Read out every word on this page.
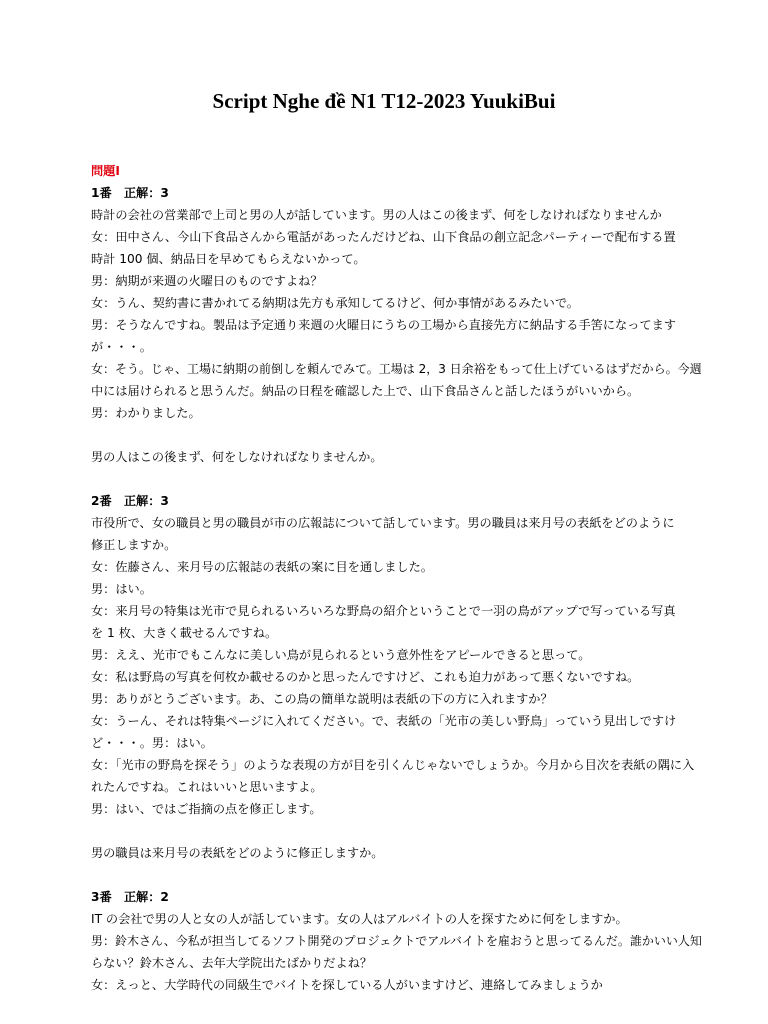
Script Nghe đề N1 T12-2023 YuukiBui

問題Ⅰ

1番　正解：3

時計の会社の営業部で上司と男の人が話しています。男の人はこの後まず、何をしなければなりませんか

女：田中さん、今山下食品さんから電話があったんだけどね、山下食品の創立記念パーティーで配布する置

時計 100 個、納品日を早めてもらえないかって。

男：納期が来週の火曜日のものですよね？

女：うん、契約書に書かれてる納期は先方も承知してるけど、何か事情があるみたいで。

男：そうなんですね。製品は予定通り来週の火曜日にうちの工場から直接先方に納品する手筈になってます

が・・・。

女：そう。じゃ、工場に納期の前倒しを頼んでみて。工場は 2，3 日余裕をもって仕上げているはずだから。今週

中には届けられると思うんだ。納品の日程を確認した上で、山下食品さんと話したほうがいいから。

男：わかりました。

男の人はこの後まず、何をしなければなりませんか。

2番　正解：3

市役所で、女の職員と男の職員が市の広報誌について話しています。男の職員は来月号の表紙をどのように

修正しますか。

女：佐藤さん、来月号の広報誌の表紙の案に目を通しました。

男：はい。

女：来月号の特集は光市で見られるいろいろな野鳥の紹介ということで一羽の鳥がアップで写っている写真

を 1 枚、大きく載せるんですね。

男：ええ、光市でもこんなに美しい鳥が見られるという意外性をアピールできると思って。

女：私は野鳥の写真を何枚か載せるのかと思ったんですけど、これも迫力があって悪くないですね。

男：ありがとうございます。あ、この鳥の簡単な説明は表紙の下の方に入れますか？

女：うーん、それは特集ページに入れてください。で、表紙の「光市の美しい野鳥」っていう見出しですけ

ど・・・。男：はい。

女：「光市の野鳥を探そう」のような表現の方が目を引くんじゃないでしょうか。今月から目次を表紙の隅に入

れたんですね。これはいいと思いますよ。

男：はい、ではご指摘の点を修正します。

男の職員は来月号の表紙をどのように修正しますか。

3番　正解：2

IT の会社で男の人と女の人が話しています。女の人はアルバイトの人を探すために何をしますか。

男：鈴木さん、今私が担当してるソフト開発のプロジェクトでアルバイトを雇おうと思ってるんだ。誰かいい人知

らない？鈴木さん、去年大学院出たばかりだよね？

女：えっと、大学時代の同級生でバイトを探している人がいますけど、連絡してみましょうか
